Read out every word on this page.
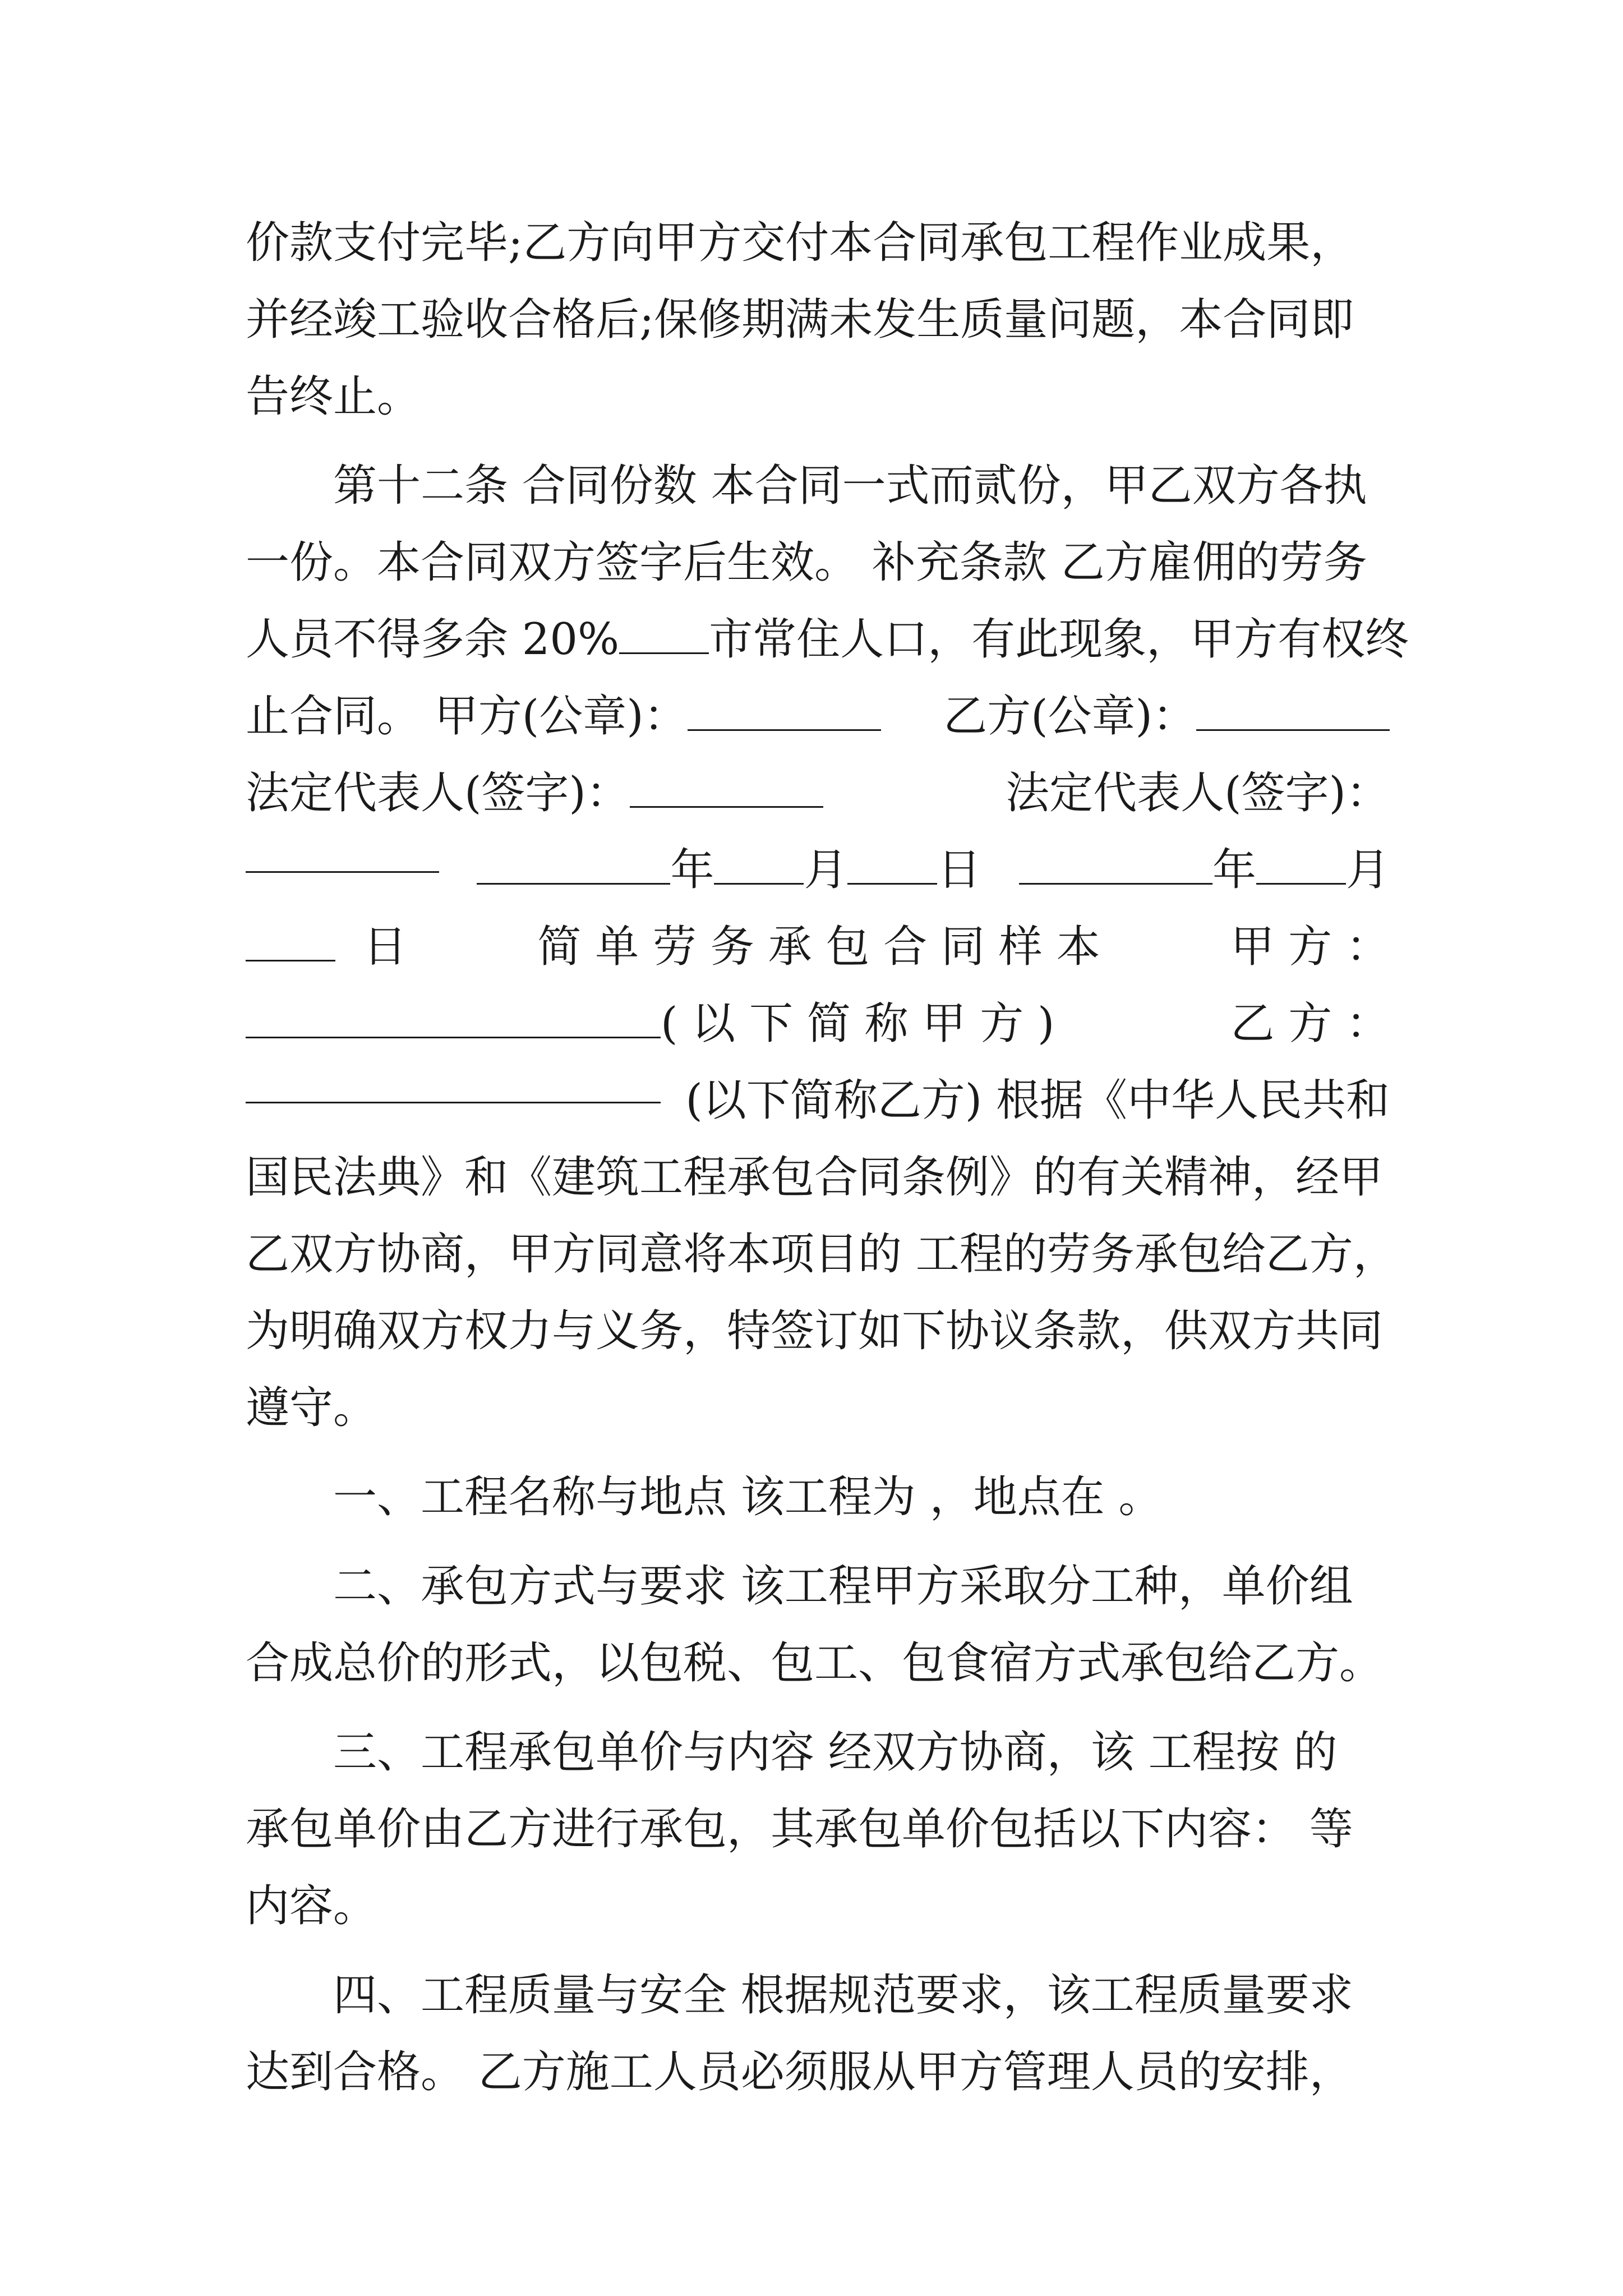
价款支付完毕;乙方向甲方交付本合同承包工程作业成果，
并经竣工验收合格后;保修期满未发生质量问题，本合同即
告终止。
第十二条 合同份数 本合同一式而贰份，甲乙双方各执
一份。本合同双方签字后生效。 补充条款 乙方雇佣的劳务
人员不得多余 20% 市常住人口，有此现象，甲方有权终
止合同。 甲方(公章)：	乙方(公章)：
法定代表人(签字)：	法定代表人(签字)：
年 月 日	年 月
日	简 单 劳 务 承 包 合 同 样 本	甲 方 ：
( 以 下 简 称 甲 方 )	乙 方 ：
(以下简称乙方) 根据《中华人民共和
国民法典》和《建筑工程承包合同条例》的有关精神，经甲
乙双方协商，甲方同意将本项目的 工程的劳务承包给乙方，
为明确双方权力与义务，特签订如下协议条款，供双方共同
遵守。
一、工程名称与地点 该工程为 ，地点在 。
二、承包方式与要求 该工程甲方采取分工种，单价组
合成总价的形式，以包税、包工、包食宿方式承包给乙方。
三、工程承包单价与内容 经双方协商，该 工程按 的
承包单价由乙方进行承包，其承包单价包括以下内容： 等
内容。
四、工程质量与安全 根据规范要求，该工程质量要求
达到合格。 乙方施工人员必须服从甲方管理人员的安排，
